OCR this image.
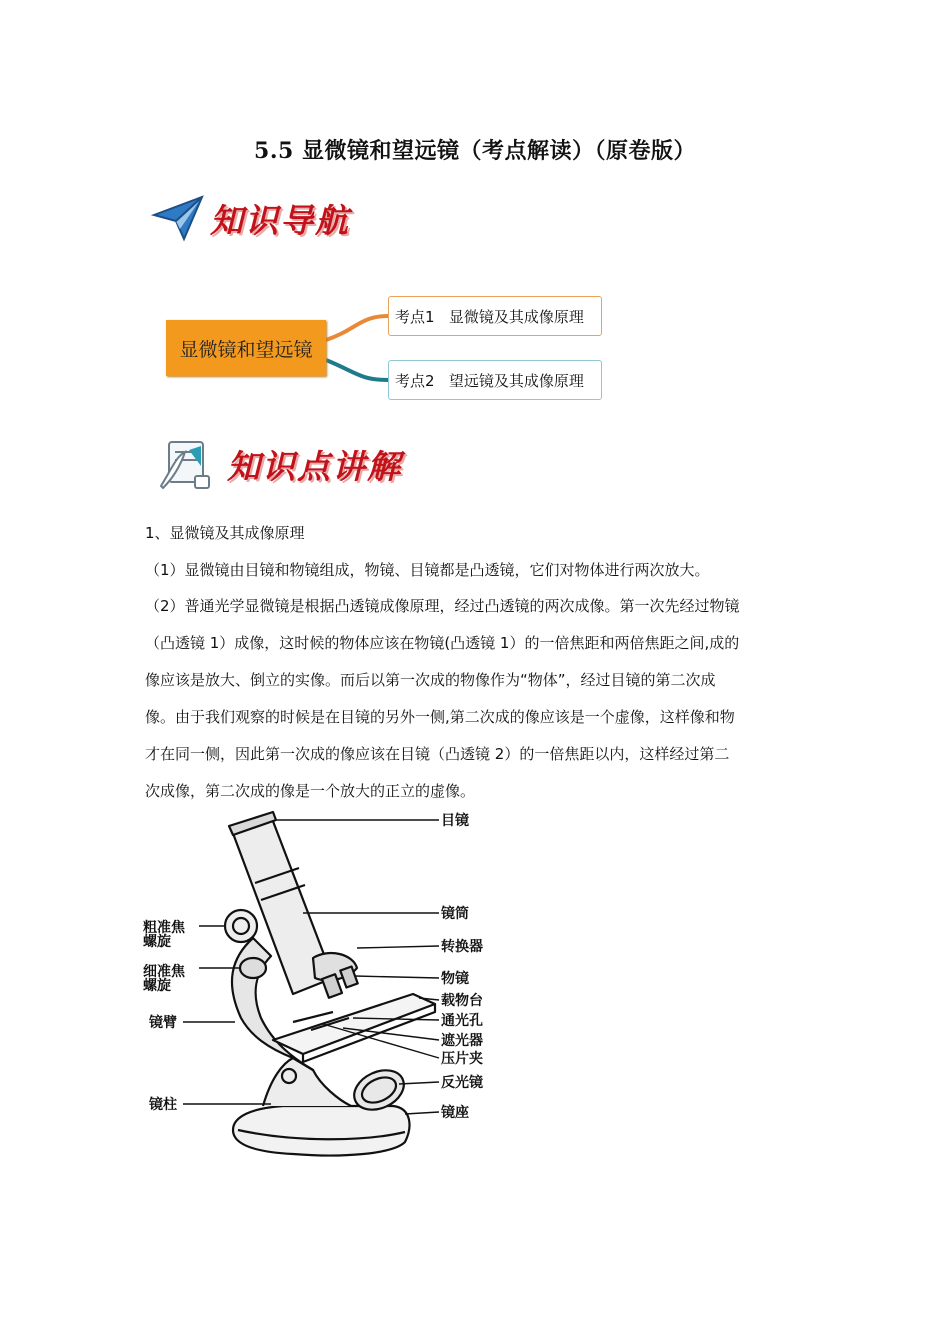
5.5 显微镜和望远镜（考点解读）（原卷版）
知识导航
显微镜和望远镜
考点1   显微镜及其成像原理
考点2   望远镜及其成像原理
知识点讲解
1、显微镜及其成像原理
（1）显微镜由目镜和物镜组成，物镜、目镜都是凸透镜，它们对物体进行两次放大。
（2）普通光学显微镜是根据凸透镜成像原理，经过凸透镜的两次成像。第一次先经过物镜
（凸透镜 1）成像，这时候的物体应该在物镜(凸透镜 1）的一倍焦距和两倍焦距之间,成的
像应该是放大、倒立的实像。而后以第一次成的物像作为“物体”，经过目镜的第二次成
像。由于我们观察的时候是在目镜的另外一侧,第二次成的像应该是一个虚像，这样像和物
才在同一侧，因此第一次成的像应该在目镜（凸透镜 2）的一倍焦距以内，这样经过第二
次成像，第二次成的像是一个放大的正立的虚像。
目镜
镜筒
转换器
物镜
载物台
通光孔
遮光器
压片夹
反光镜
镜座
粗准焦
螺旋
细准焦
螺旋
镜臂
镜柱
